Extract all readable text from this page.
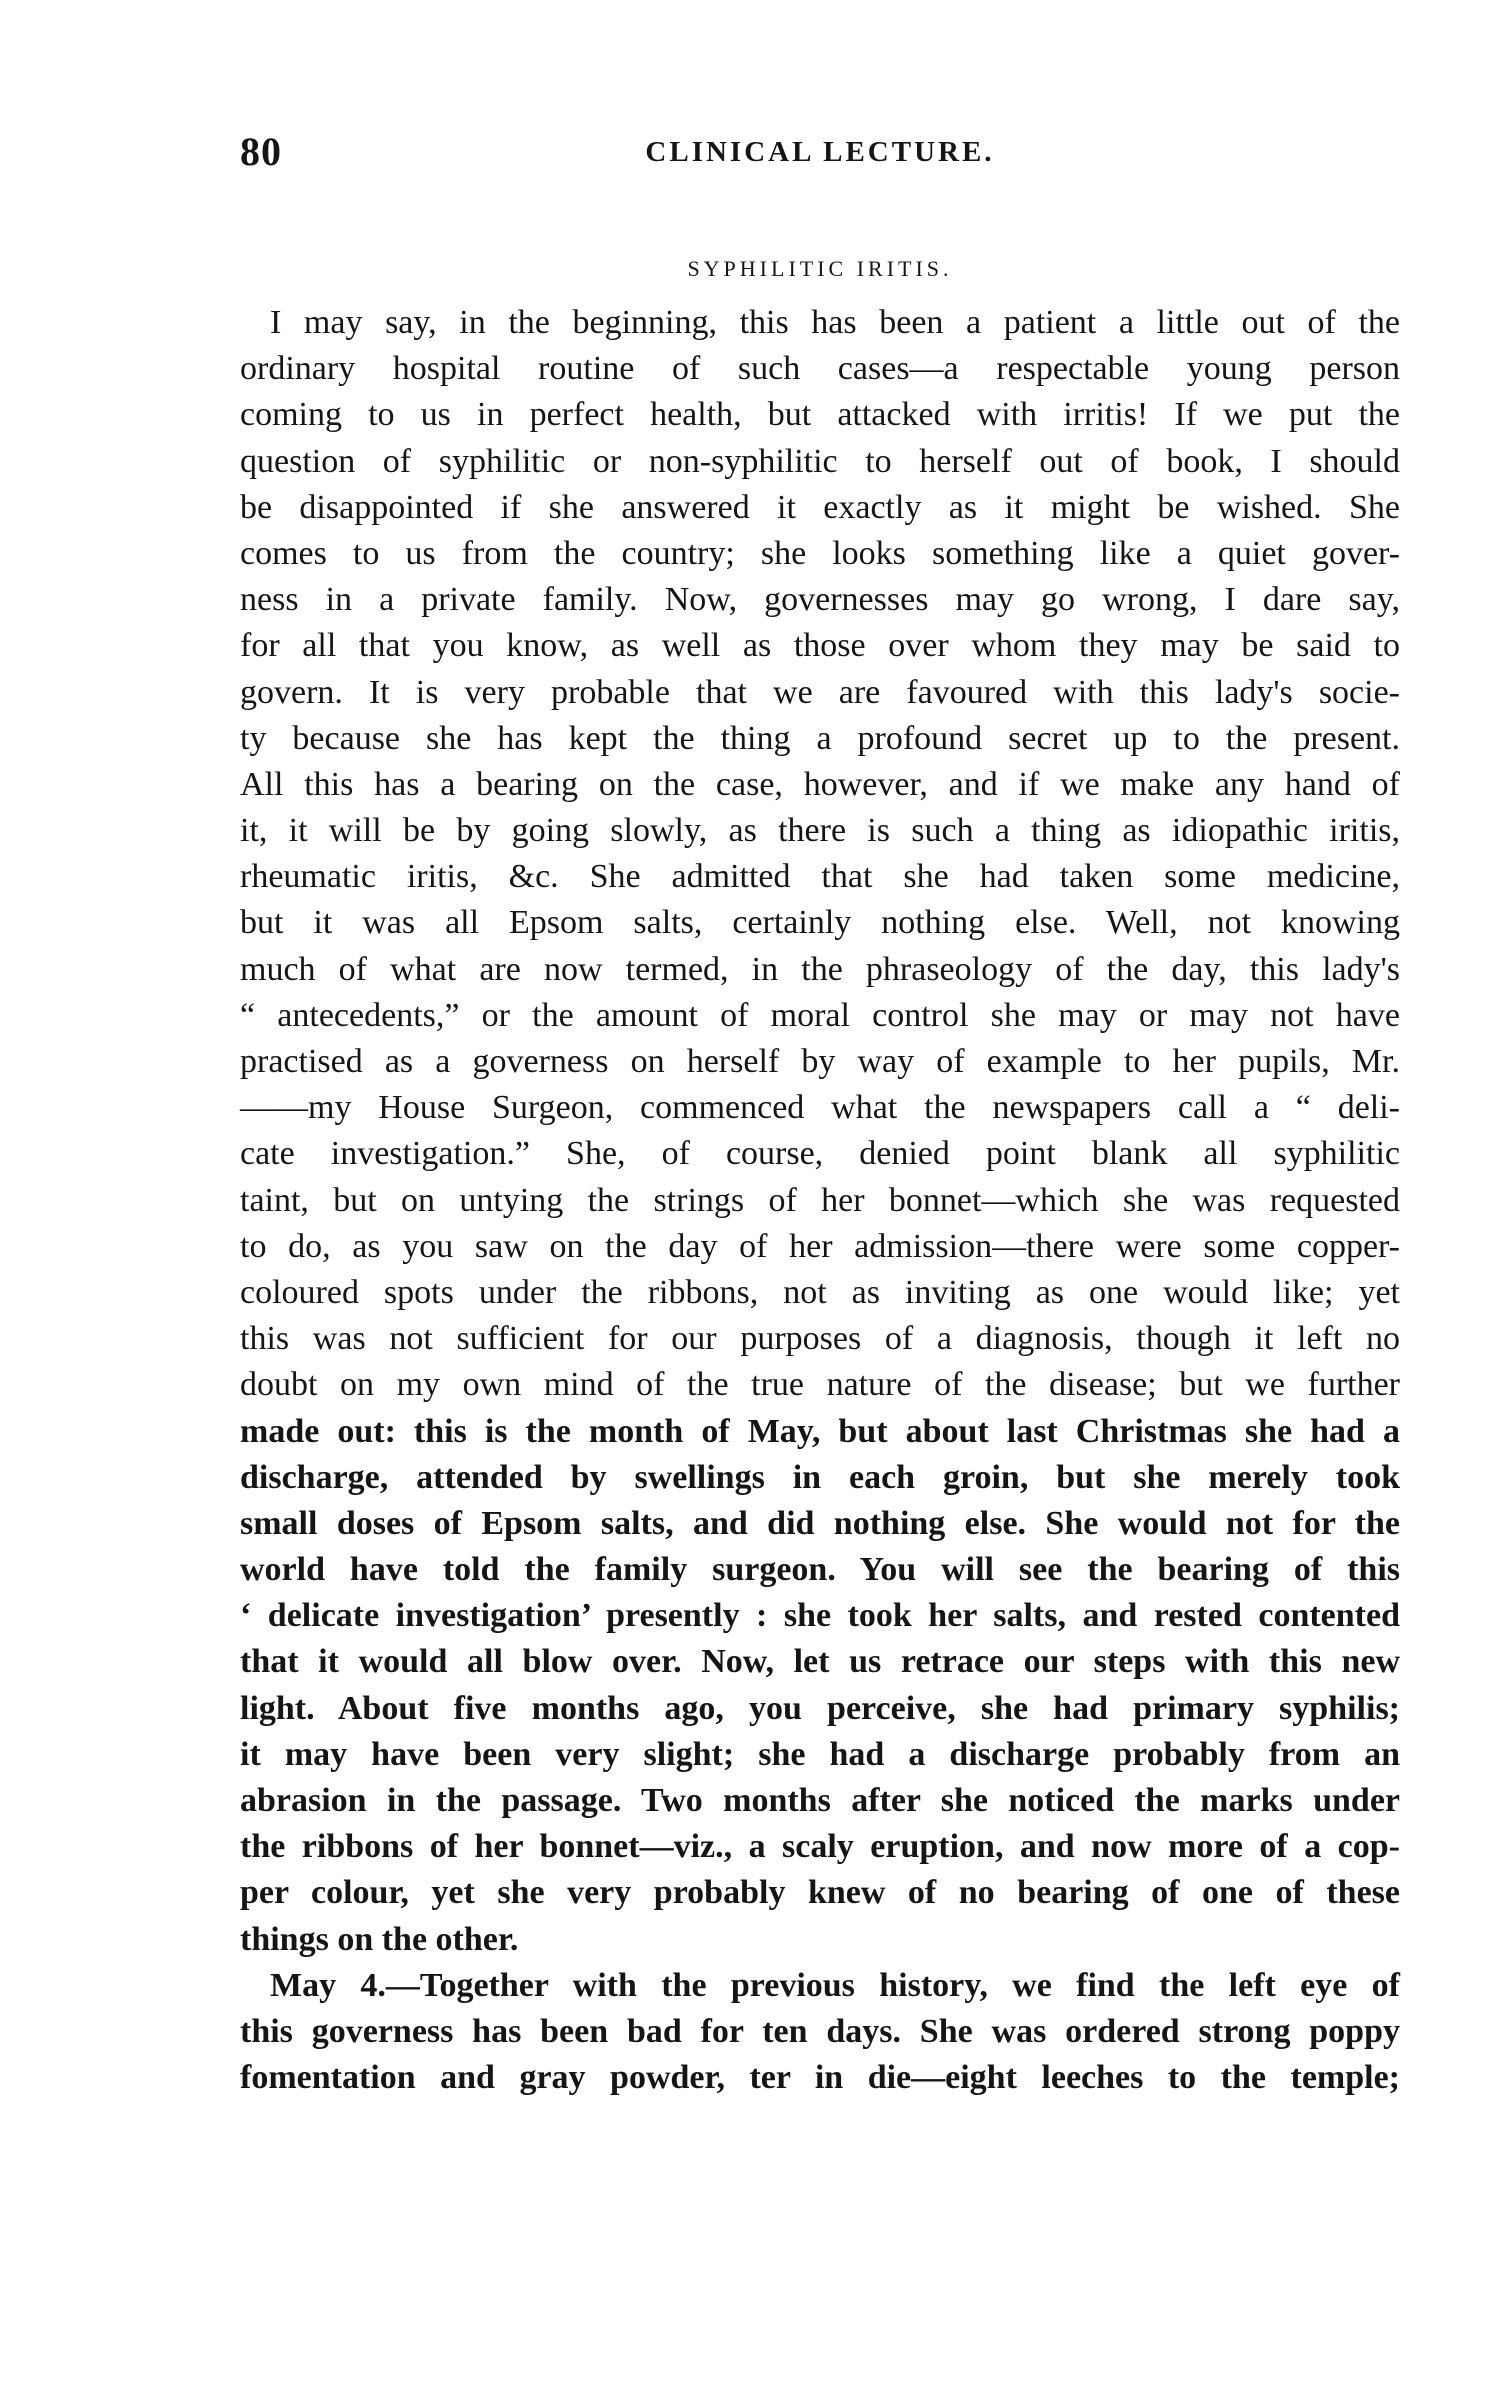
80	CLINICAL LECTURE.
SYPHILITIC IRITIS.
I may say, in the beginning, this has been a patient a little out of the
ordinary hospital routine of such cases—a respectable young person
coming to us in perfect health, but attacked with irritis! If we put the
question of syphilitic or non-syphilitic to herself out of book, I should
be disappointed if she answered it exactly as it might be wished. She
comes to us from the country; she looks something like a quiet gover-
ness in a private family. Now, governesses may go wrong, I dare say,
for all that you know, as well as those over whom they may be said to
govern. It is very probable that we are favoured with this lady's socie-
ty because she has kept the thing a profound secret up to the present.
All this has a bearing on the case, however, and if we make any hand of
it, it will be by going slowly, as there is such a thing as idiopathic iritis,
rheumatic iritis, &c. She admitted that she had taken some medicine,
but it was all Epsom salts, certainly nothing else. Well, not knowing
much of what are now termed, in the phraseology of the day, this lady's
“ antecedents,” or the amount of moral control she may or may not have
practised as a governess on herself by way of example to her pupils, Mr.
——my House Surgeon, commenced what the newspapers call a “ deli-
cate investigation.” She, of course, denied point blank all syphilitic
taint, but on untying the strings of her bonnet—which she was requested
to do, as you saw on the day of her admission—there were some copper-
coloured spots under the ribbons, not as inviting as one would like; yet
this was not sufficient for our purposes of a diagnosis, though it left no
doubt on my own mind of the true nature of the disease; but we further
made out: this is the month of May, but about last Christmas she had a
discharge, attended by swellings in each groin, but she merely took
small doses of Epsom salts, and did nothing else. She would not for the
world have told the family surgeon. You will see the bearing of this
‘ delicate investigation’ presently : she took her salts, and rested contented
that it would all blow over. Now, let us retrace our steps with this new
light. About five months ago, you perceive, she had primary syphilis;
it may have been very slight; she had a discharge probably from an
abrasion in the passage. Two months after she noticed the marks under
the ribbons of her bonnet—viz., a scaly eruption, and now more of a cop-
per colour, yet she very probably knew of no bearing of one of these
things on the other.
May 4.—Together with the previous history, we find the left eye of
this governess has been bad for ten days. She was ordered strong poppy
fomentation and gray powder, ter in die—eight leeches to the temple;
